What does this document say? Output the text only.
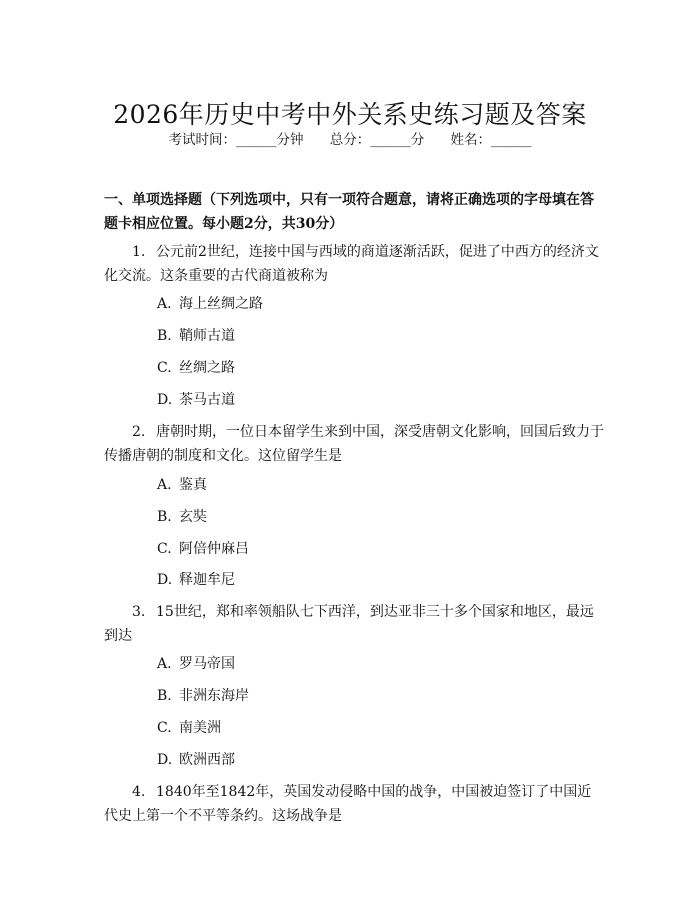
2026年历史中考中外关系史练习题及答案
考试时间：______分钟 总分：______分 姓名：______
一、单项选择题（下列选项中，只有一项符合题意，请将正确选项的字母填在答题卡相应位置。每小题2分，共30分）
1. 公元前2世纪，连接中国与西域的商道逐渐活跃，促进了中西方的经济文化交流。这条重要的古代商道被称为
A. 海上丝绸之路
B. 鞘师古道
C. 丝绸之路
D. 茶马古道
2. 唐朝时期，一位日本留学生来到中国，深受唐朝文化影响，回国后致力于传播唐朝的制度和文化。这位留学生是
A. 鉴真
B. 玄奘
C. 阿倍仲麻吕
D. 释迦牟尼
3. 15世纪，郑和率领船队七下西洋，到达亚非三十多个国家和地区，最远到达
A. 罗马帝国
B. 非洲东海岸
C. 南美洲
D. 欧洲西部
4. 1840年至1842年，英国发动侵略中国的战争，中国被迫签订了中国近代史上第一个不平等条约。这场战争是
